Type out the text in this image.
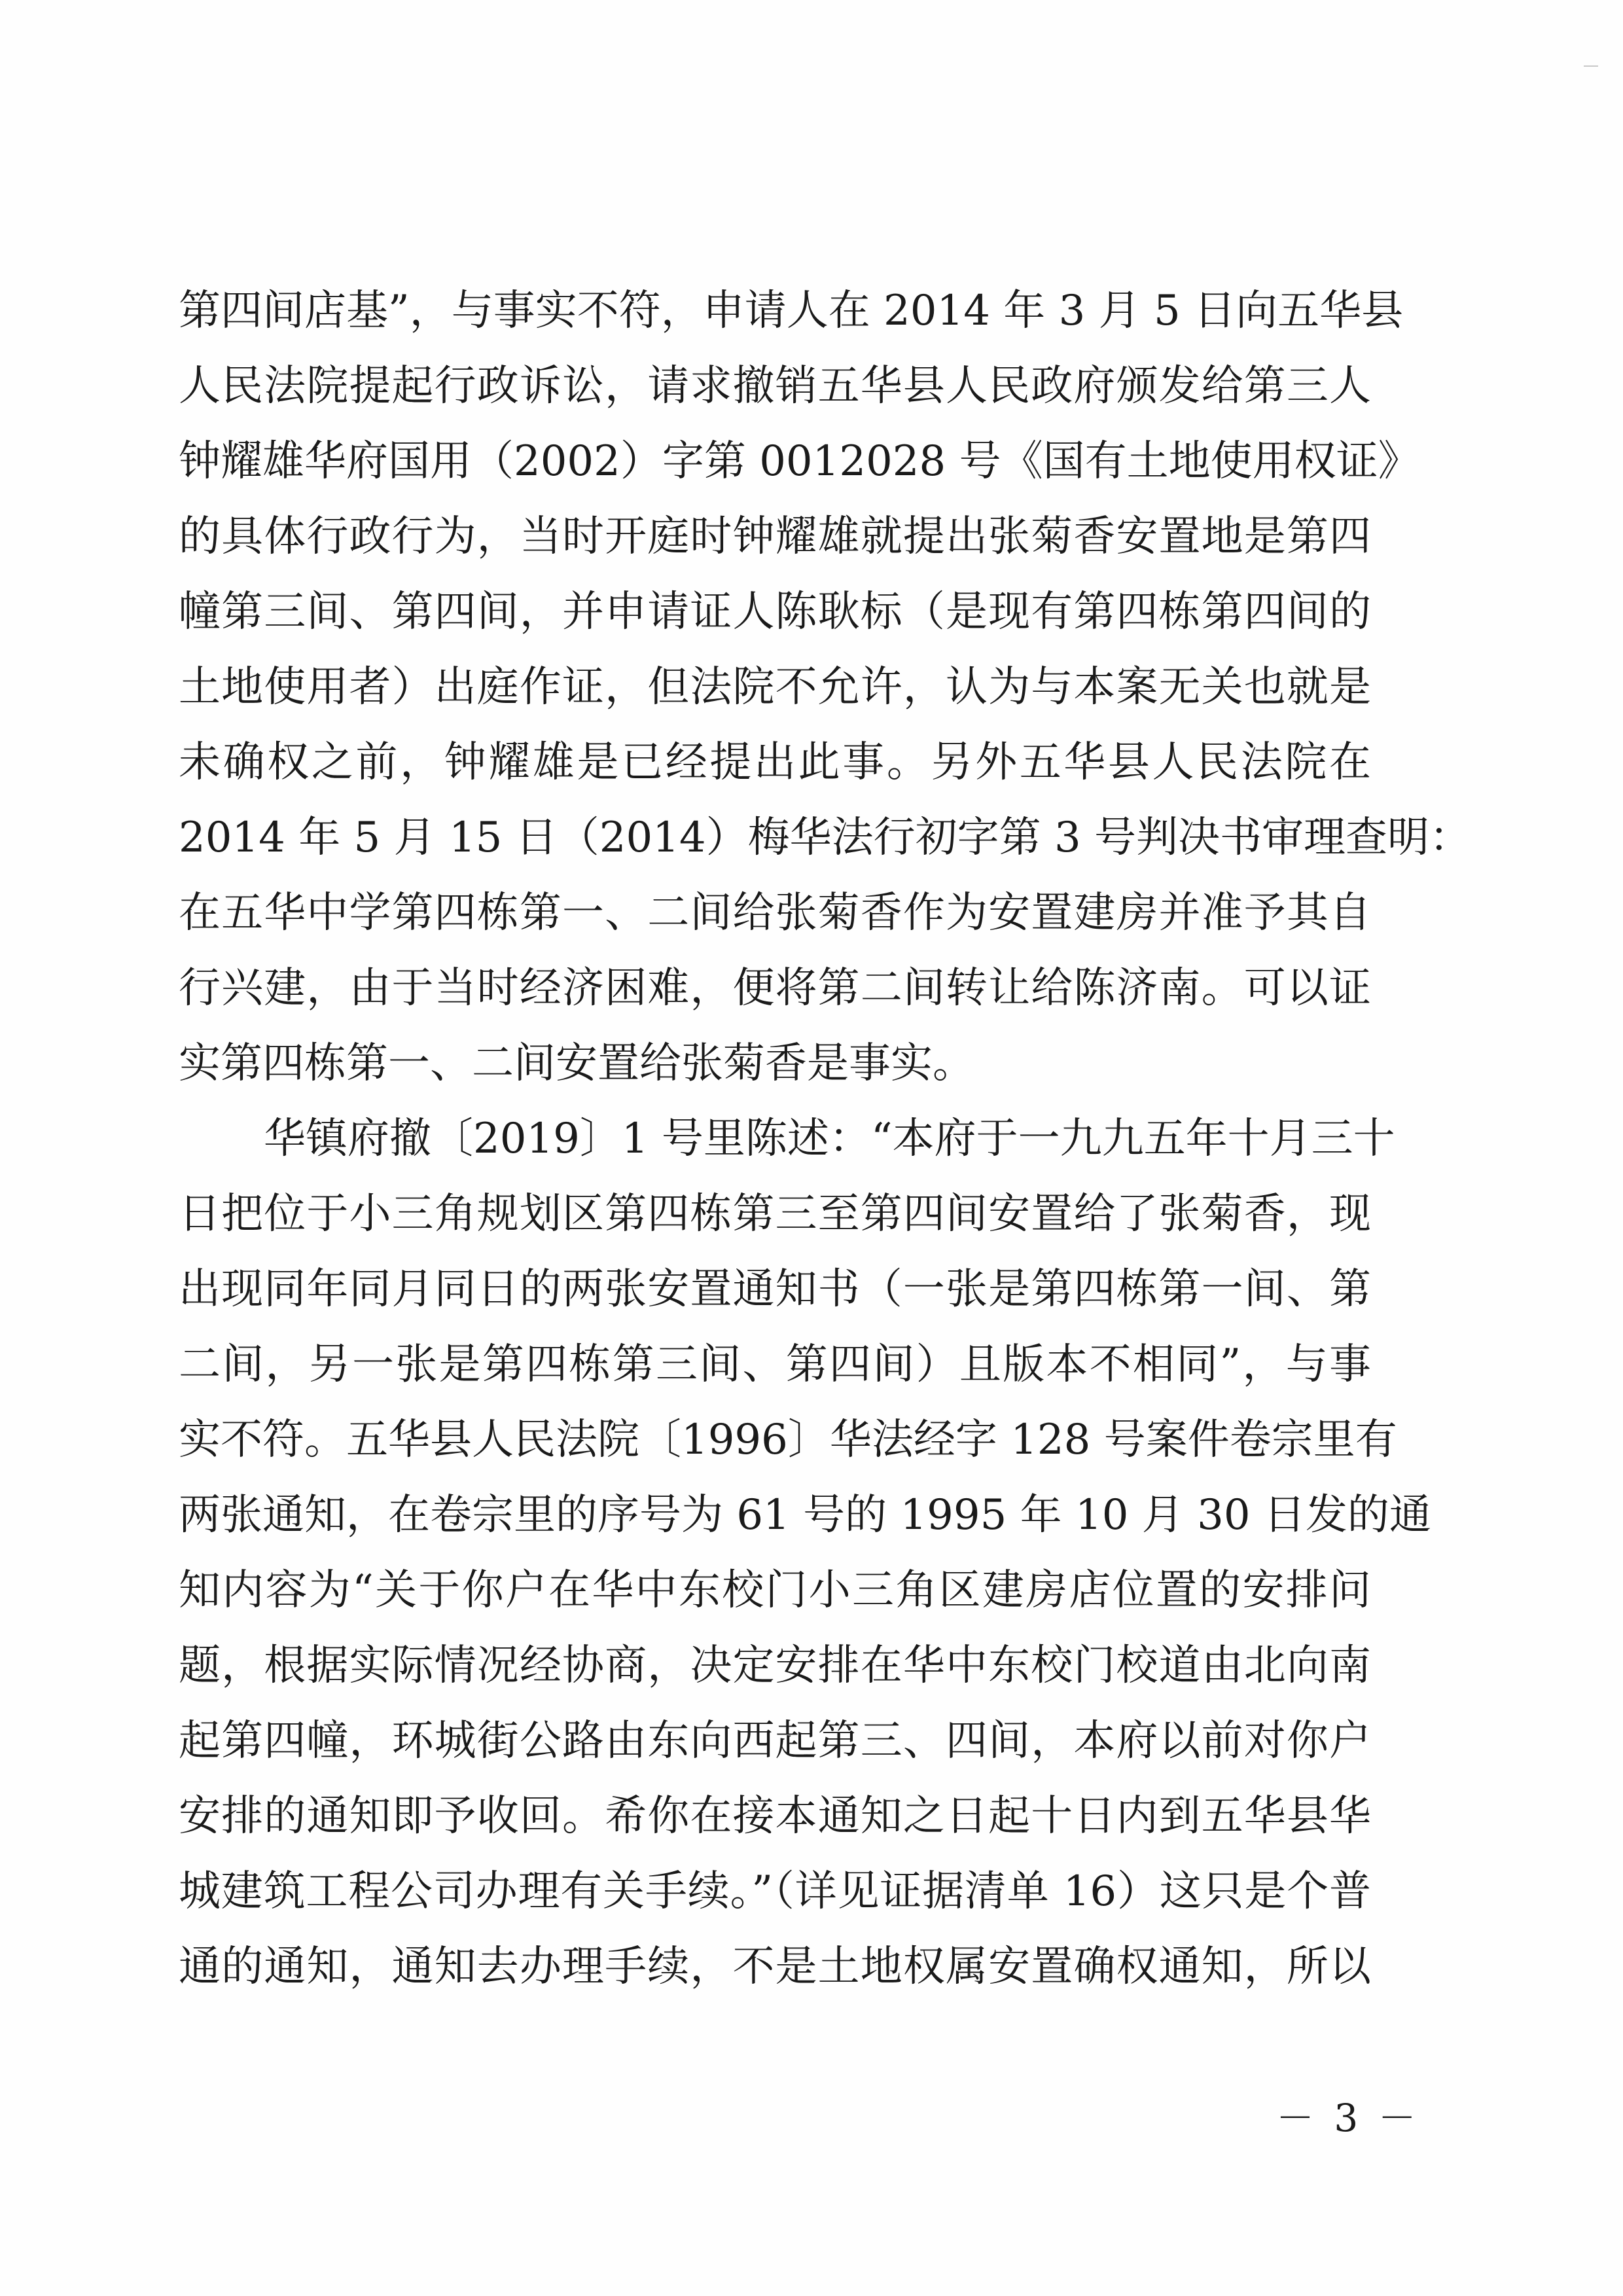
第四间店基”，与事实不符，申请人在 2014 年 3 月 5 日向五华县
人民法院提起行政诉讼，请求撤销五华县人民政府颁发给第三人
钟耀雄华府国用（2002）字第 0012028 号《国有土地使用权证》
的具体行政行为，当时开庭时钟耀雄就提出张菊香安置地是第四
幢第三间、第四间，并申请证人陈耿标（是现有第四栋第四间的
土地使用者）出庭作证，但法院不允许，认为与本案无关也就是
未确权之前，钟耀雄是已经提出此事。另外五华县人民法院在
2014 年 5 月 15 日（2014）梅华法行初字第 3 号判决书审理查明：
在五华中学第四栋第一、二间给张菊香作为安置建房并准予其自
行兴建，由于当时经济困难，便将第二间转让给陈济南。可以证
实第四栋第一、二间安置给张菊香是事实。
华镇府撤〔2019〕1 号里陈述：“本府于一九九五年十月三十
日把位于小三角规划区第四栋第三至第四间安置给了张菊香，现
出现同年同月同日的两张安置通知书（一张是第四栋第一间、第
二间，另一张是第四栋第三间、第四间）且版本不相同”，与事
实不符。五华县人民法院〔1996〕华法经字 128 号案件卷宗里有
两张通知，在卷宗里的序号为 61 号的 1995 年 10 月 30 日发的通
知内容为“关于你户在华中东校门小三角区建房店位置的安排问
题，根据实际情况经协商，决定安排在华中东校门校道由北向南
起第四幢，环城街公路由东向西起第三、四间，本府以前对你户
安排的通知即予收回。希你在接本通知之日起十日内到五华县华
城建筑工程公司办理有关手续。”（详见证据清单 16）这只是个普
通的通知，通知去办理手续，不是土地权属安置确权通知，所以
－ 3 －
